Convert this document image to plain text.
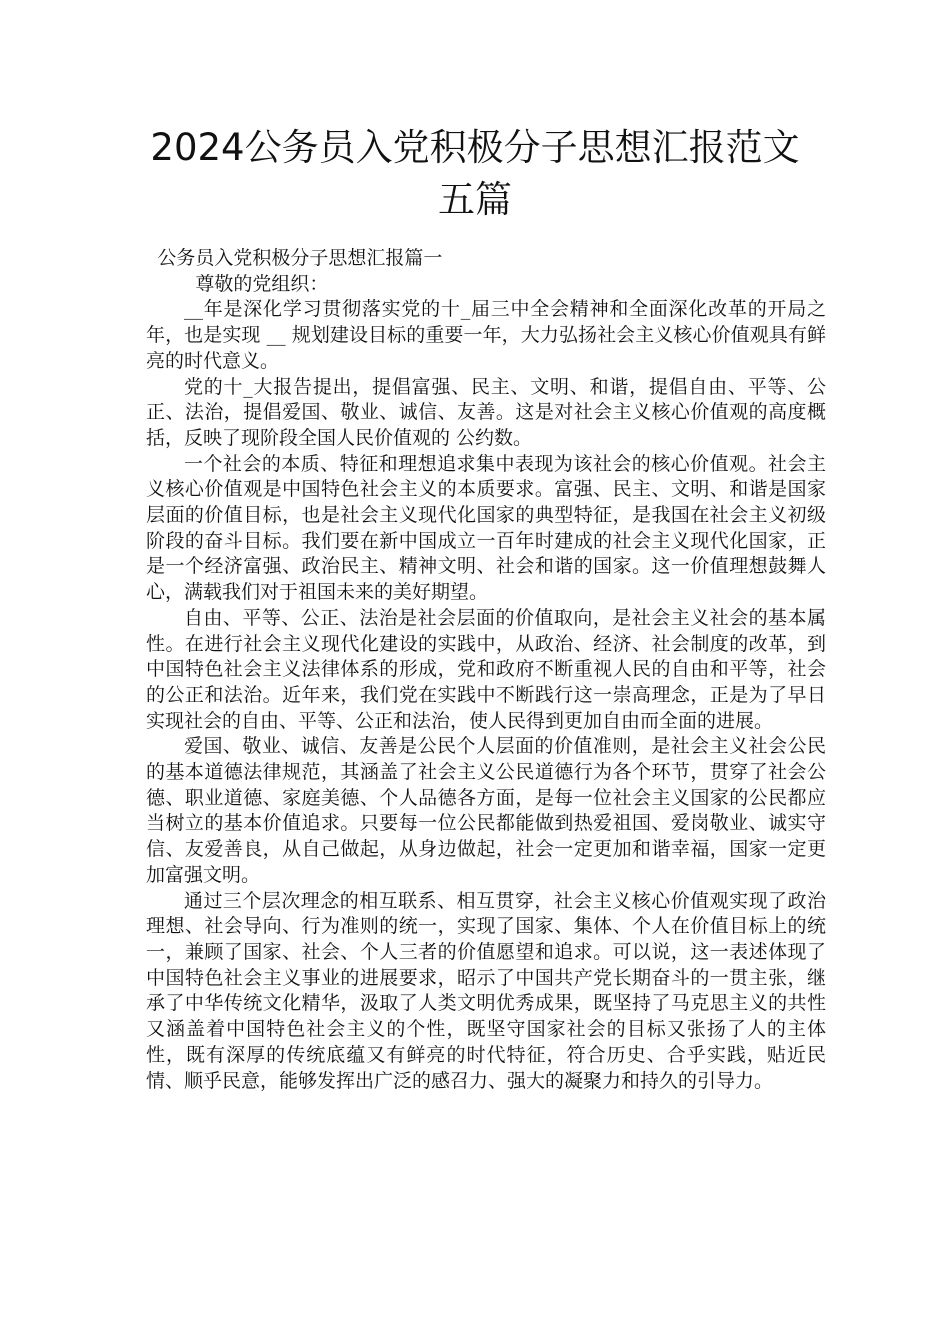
2024公务员入党积极分子思想汇报范文
五篇

公务员入党积极分子思想汇报篇一

尊敬的党组织：

__年是深化学习贯彻落实党的十_届三中全会精神和全面深化改革的开局之年，也是实现 __ 规划建设目标的重要一年，大力弘扬社会主义核心价值观具有鲜亮的时代意义。

党的十_大报告提出，提倡富强、民主、文明、和谐，提倡自由、平等、公正、法治，提倡爱国、敬业、诚信、友善。这是对社会主义核心价值观的高度概括，反映了现阶段全国人民价值观的 公约数。

一个社会的本质、特征和理想追求集中表现为该社会的核心价值观。社会主义核心价值观是中国特色社会主义的本质要求。富强、民主、文明、和谐是国家层面的价值目标，也是社会主义现代化国家的典型特征，是我国在社会主义初级阶段的奋斗目标。我们要在新中国成立一百年时建成的社会主义现代化国家，正是一个经济富强、政治民主、精神文明、社会和谐的国家。这一价值理想鼓舞人心，满载我们对于祖国未来的美好期望。

自由、平等、公正、法治是社会层面的价值取向，是社会主义社会的基本属性。在进行社会主义现代化建设的实践中，从政治、经济、社会制度的改革，到中国特色社会主义法律体系的形成，党和政府不断重视人民的自由和平等，社会的公正和法治。近年来，我们党在实践中不断践行这一崇高理念，正是为了早日实现社会的自由、平等、公正和法治，使人民得到更加自由而全面的进展。

爱国、敬业、诚信、友善是公民个人层面的价值准则，是社会主义社会公民的基本道德法律规范，其涵盖了社会主义公民道德行为各个环节，贯穿了社会公德、职业道德、家庭美德、个人品德各方面，是每一位社会主义国家的公民都应当树立的基本价值追求。只要每一位公民都能做到热爱祖国、爱岗敬业、诚实守信、友爱善良，从自己做起，从身边做起，社会一定更加和谐幸福，国家一定更加富强文明。

通过三个层次理念的相互联系、相互贯穿，社会主义核心价值观实现了政治理想、社会导向、行为准则的统一，实现了国家、集体、个人在价值目标上的统一，兼顾了国家、社会、个人三者的价值愿望和追求。可以说，这一表述体现了中国特色社会主义事业的进展要求，昭示了中国共产党长期奋斗的一贯主张，继承了中华传统文化精华，汲取了人类文明优秀成果，既坚持了马克思主义的共性又涵盖着中国特色社会主义的个性，既坚守国家社会的目标又张扬了人的主体性，既有深厚的传统底蕴又有鲜亮的时代特征，符合历史、合乎实践，贴近民情、顺乎民意，能够发挥出广泛的感召力、强大的凝聚力和持久的引导力。
